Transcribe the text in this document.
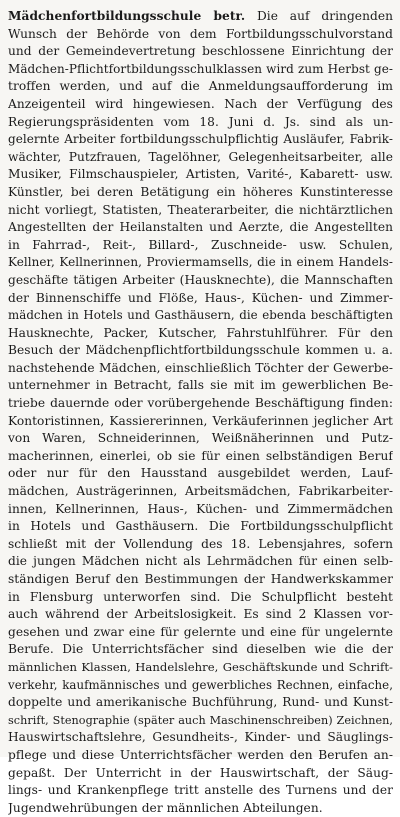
Mädchenfortbildungsschule betr. Die auf dringenden
Wunsch der Behörde von dem Fortbildungsschulvorstand
und der Gemeindevertretung beschlossene Einrichtung der
Mädchen-Pflichtfortbildungsschulklassen wird zum Herbst ge-
troffen werden, und auf die Anmeldungsaufforderung im
Anzeigenteil wird hingewiesen. Nach der Verfügung des
Regierungspräsidenten vom 18. Juni d. Js. sind als un-
gelernte Arbeiter fortbildungsschulpflichtig Ausläufer, Fabrik-
wächter, Putzfrauen, Tagelöhner, Gelegenheitsarbeiter, alle
Musiker, Filmschauspieler, Artisten, Varité-, Kabarett- usw.
Künstler, bei deren Betätigung ein höheres Kunstinteresse
nicht vorliegt, Statisten, Theaterarbeiter, die nichtärztlichen
Angestellten der Heilanstalten und Aerzte, die Angestellten
in Fahrrad-, Reit-, Billard-, Zuschneide- usw. Schulen,
Kellner, Kellnerinnen, Proviermamsells, die in einem Handels-
geschäfte tätigen Arbeiter (Hausknechte), die Mannschaften
der Binnenschiffe und Flöße, Haus-, Küchen- und Zimmer-
mädchen in Hotels und Gasthäusern, die ebenda beschäftigten
Hausknechte, Packer, Kutscher, Fahrstuhlführer. Für den
Besuch der Mädchenpflichtfortbildungsschule kommen u. a.
nachstehende Mädchen, einschließlich Töchter der Gewerbe-
unternehmer in Betracht, falls sie mit im gewerblichen Be-
triebe dauernde oder vorübergehende Beschäftigung finden:
Kontoristinnen, Kassiererinnen, Verkäuferinnen jeglicher Art
von Waren, Schneiderinnen, Weißnäherinnen und Putz-
macherinnen, einerlei, ob sie für einen selbständigen Beruf
oder nur für den Hausstand ausgebildet werden, Lauf-
mädchen, Austrägerinnen, Arbeitsmädchen, Fabrikarbeiter-
innen, Kellnerinnen, Haus-, Küchen- und Zimmermädchen
in Hotels und Gasthäusern. Die Fortbildungsschulpflicht
schließt mit der Vollendung des 18. Lebensjahres, sofern
die jungen Mädchen nicht als Lehrmädchen für einen selb-
ständigen Beruf den Bestimmungen der Handwerkskammer
in Flensburg unterworfen sind. Die Schulpflicht besteht
auch während der Arbeitslosigkeit. Es sind 2 Klassen vor-
gesehen und zwar eine für gelernte und eine für ungelernte
Berufe. Die Unterrichtsfächer sind dieselben wie die der
männlichen Klassen, Handelslehre, Geschäftskunde und Schrift-
verkehr, kaufmännisches und gewerbliches Rechnen, einfache,
doppelte und amerikanische Buchführung, Rund- und Kunst-
schrift, Stenographie (später auch Maschinenschreiben) Zeichnen,
Hauswirtschaftslehre, Gesundheits-, Kinder- und Säuglings-
pflege und diese Unterrichtsfächer werden den Berufen an-
gepaßt. Der Unterricht in der Hauswirtschaft, der Säug-
lings- und Krankenpflege tritt anstelle des Turnens und der
Jugendwehrübungen der männlichen Abteilungen.
